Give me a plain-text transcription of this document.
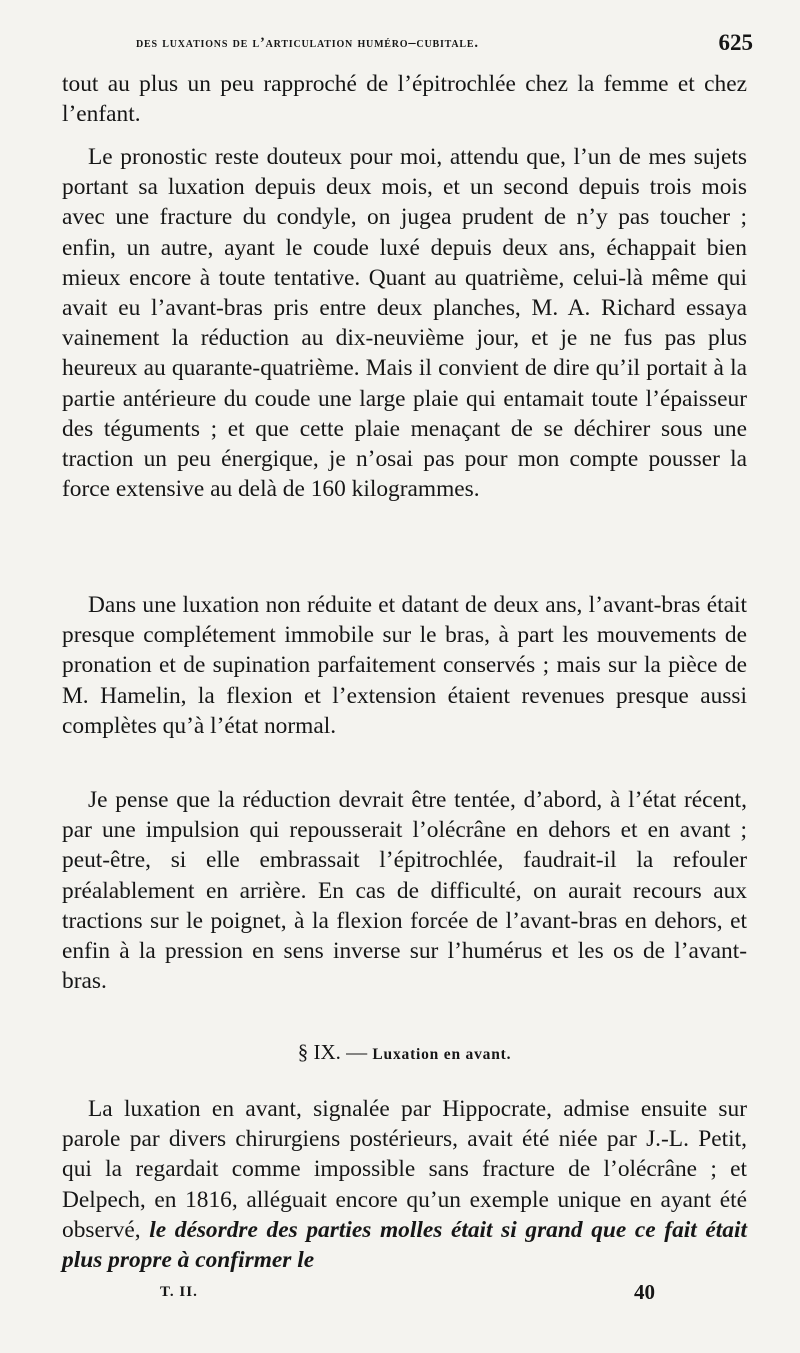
des luxations de l’articulation huméro–cubitale.	625

tout au plus un peu rapproché de l’épitrochlée chez la femme et chez l’enfant.

Le pronostic reste douteux pour moi, attendu que, l’un de mes sujets portant sa luxation depuis deux mois, et un second depuis trois mois avec une fracture du condyle, on jugea prudent de n’y pas toucher ; enfin, un autre, ayant le coude luxé depuis deux ans, échappait bien mieux encore à toute tentative. Quant au quatrième, celui-là même qui avait eu l’avant-bras pris entre deux planches, M. A. Richard essaya vainement la réduction au dix-neuvième jour, et je ne fus pas plus heureux au quarante-quatrième. Mais il convient de dire qu’il portait à la partie antérieure du coude une large plaie qui entamait toute l’épaisseur des téguments ; et que cette plaie menaçant de se déchirer sous une traction un peu énergique, je n’osai pas pour mon compte pousser la force extensive au delà de 160 kilogrammes.

Dans une luxation non réduite et datant de deux ans, l’avant-bras était presque complétement immobile sur le bras, à part les mouvements de pronation et de supination parfaitement conservés ; mais sur la pièce de M. Hamelin, la flexion et l’extension étaient revenues presque aussi complètes qu’à l’état normal.

Je pense que la réduction devrait être tentée, d’abord, à l’état récent, par une impulsion qui repousserait l’olécrâne en dehors et en avant ; peut-être, si elle embrassait l’épitrochlée, faudrait-il la refouler préalablement en arrière. En cas de difficulté, on aurait recours aux tractions sur le poignet, à la flexion forcée de l’avant-bras en dehors, et enfin à la pression en sens inverse sur l’humérus et les os de l’avant-bras.

§ IX. — Luxation en avant.

La luxation en avant, signalée par Hippocrate, admise ensuite sur parole par divers chirurgiens postérieurs, avait été niée par J.-L. Petit, qui la regardait comme impossible sans fracture de l’olécrâne ; et Delpech, en 1816, alléguait encore qu’un exemple unique en ayant été observé, le désordre des parties molles était si grand que ce fait était plus propre à confirmer le

T. II.	40
